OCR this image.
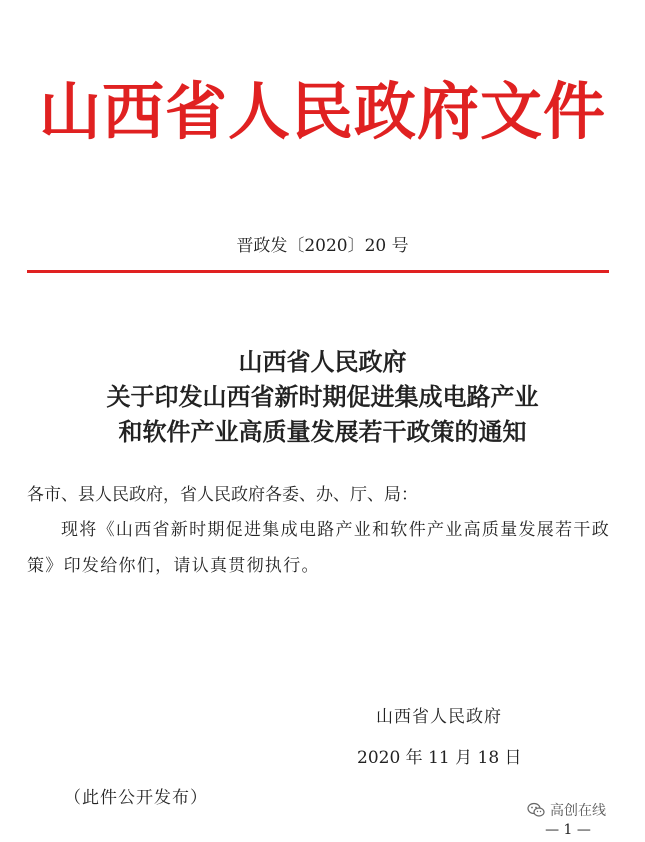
山西省人民政府文件
晋政发〔2020〕20 号
山西省人民政府
关于印发山西省新时期促进集成电路产业
和软件产业高质量发展若干政策的通知
各市、县人民政府，省人民政府各委、办、厅、局：
现将《山西省新时期促进集成电路产业和软件产业高质量发展若干政策》印发给你们，请认真贯彻执行。
山西省人民政府
2020 年 11 月 18 日
（此件公开发布）
高创在线
— 1 —
